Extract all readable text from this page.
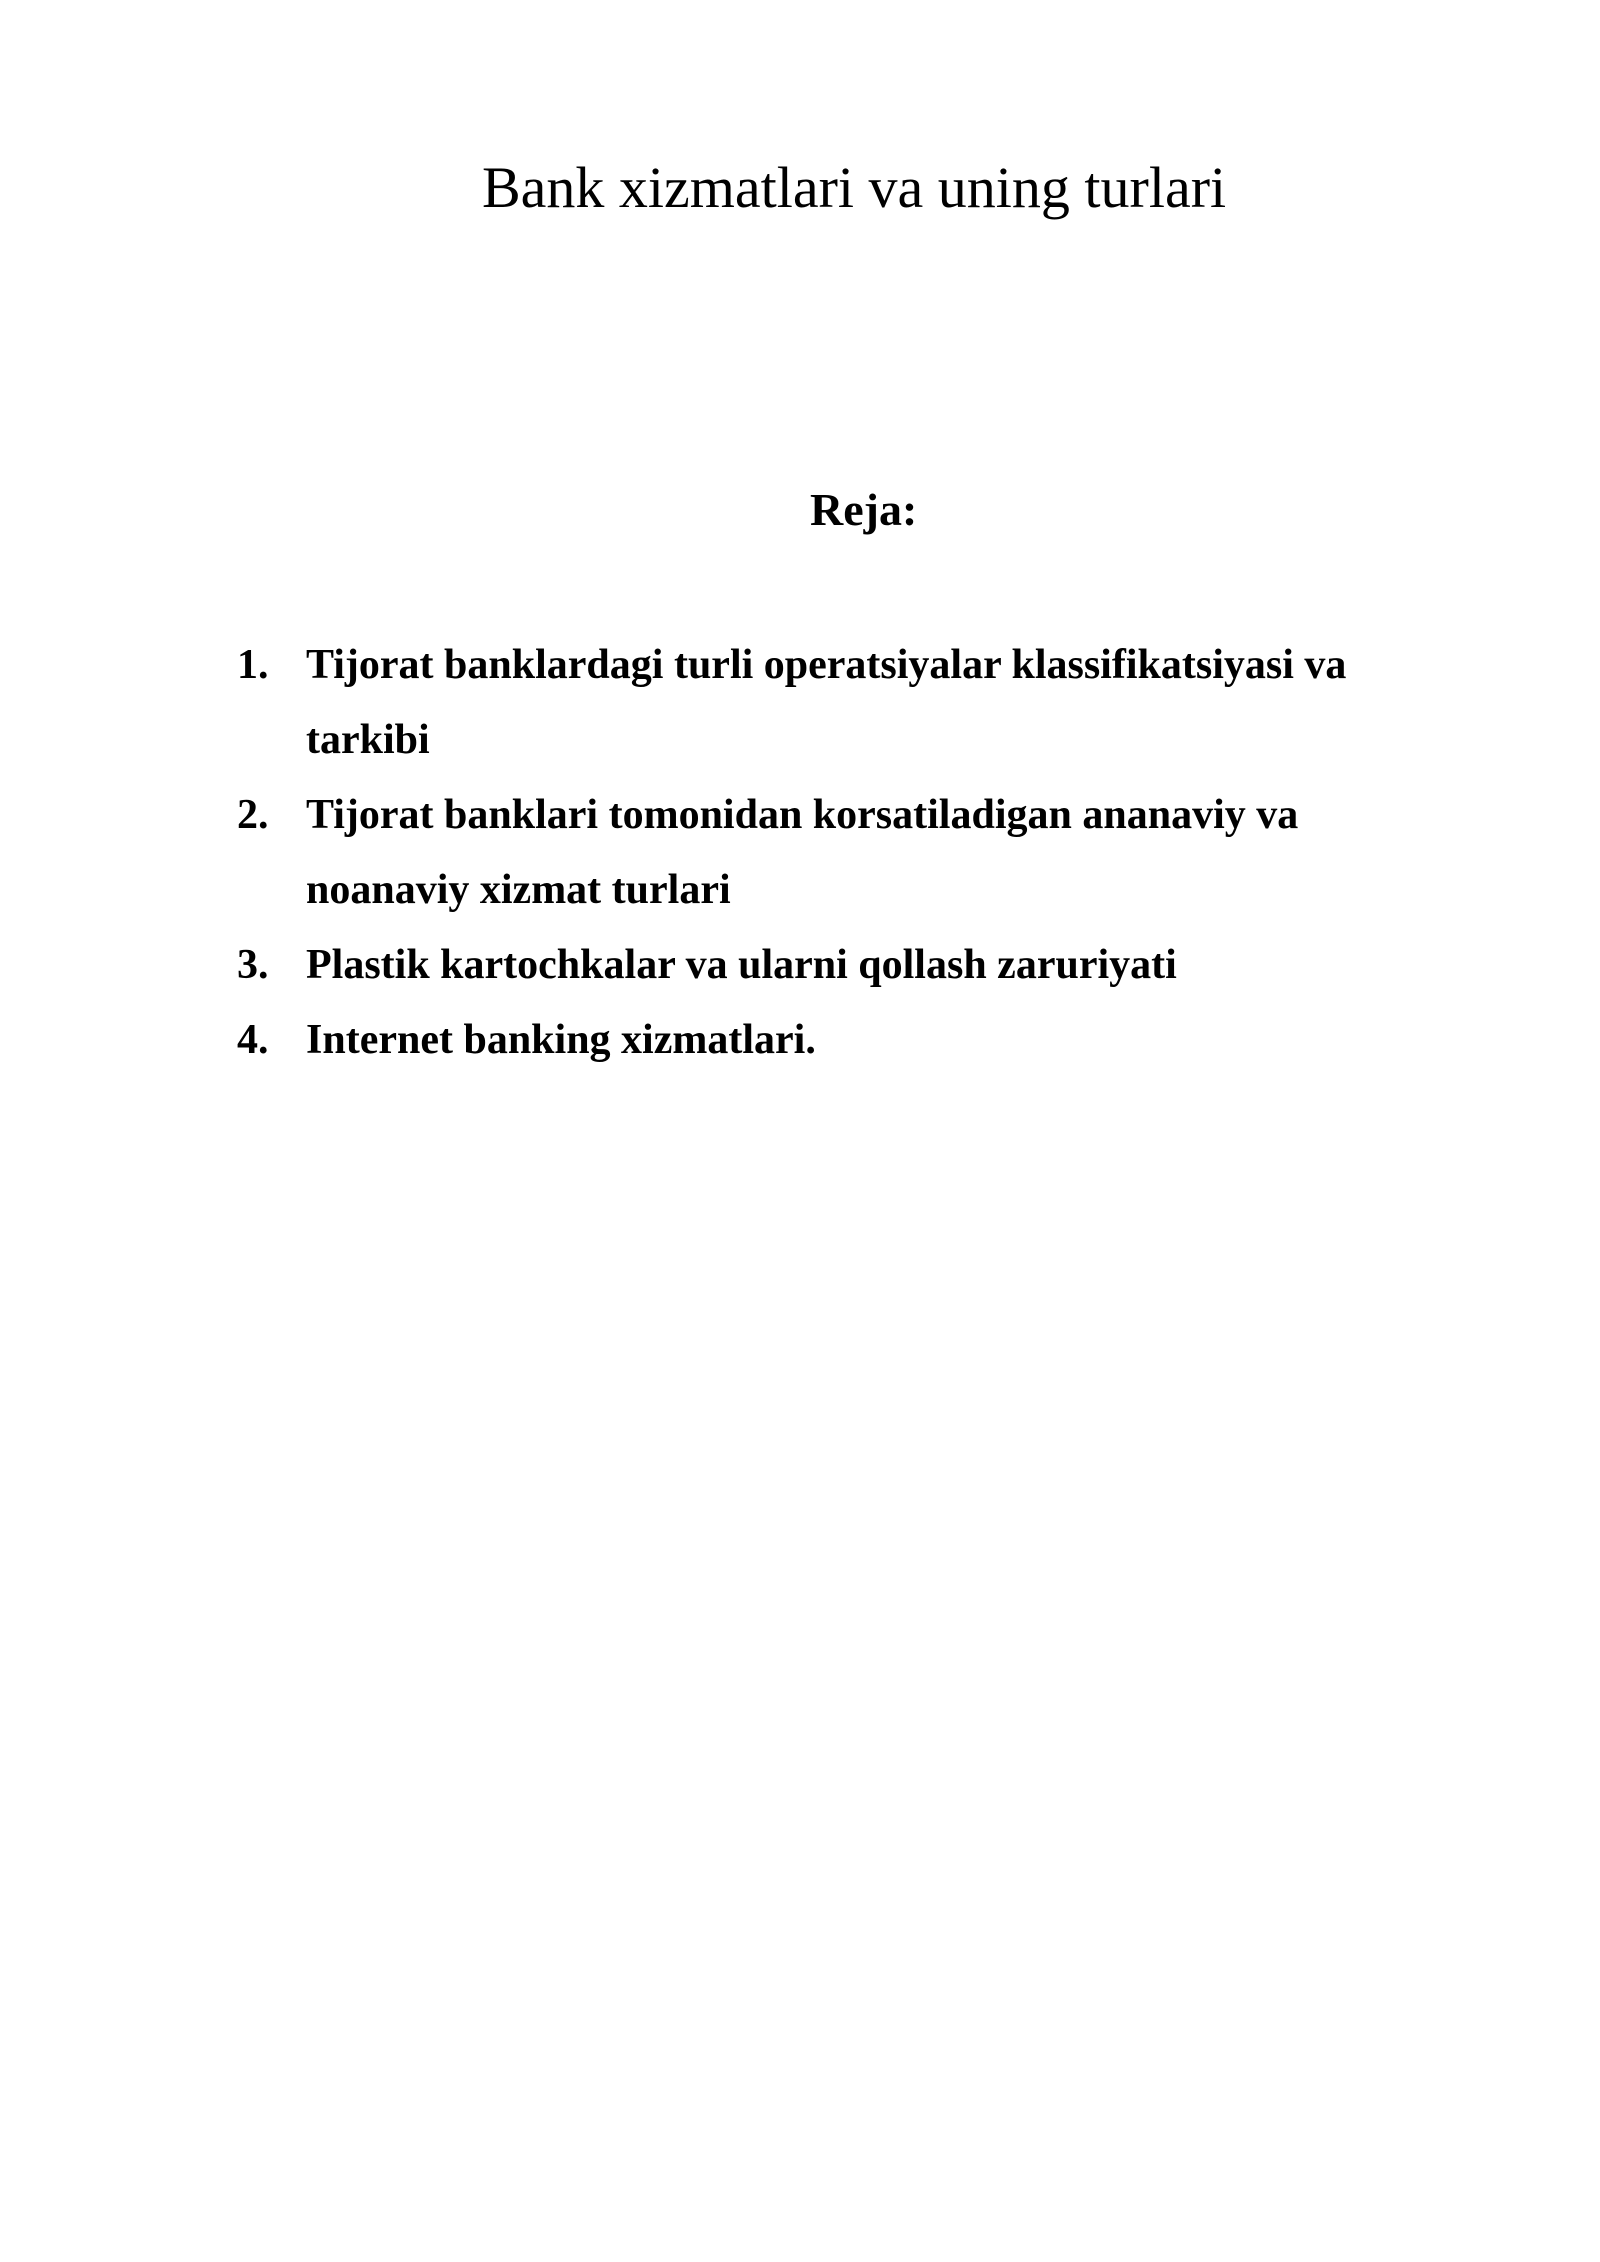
Bank xizmatlari va uning turlari
Reja:
1. Tijorat banklardagi turli operatsiyalar klassifikatsiyasi va tarkibi
2. Tijorat banklari tomonidan korsatiladigan ananaviy va noanaviy xizmat turlari
3. Plastik kartochkalar va ularni qollash zaruriyati
4. Internet banking xizmatlari.
